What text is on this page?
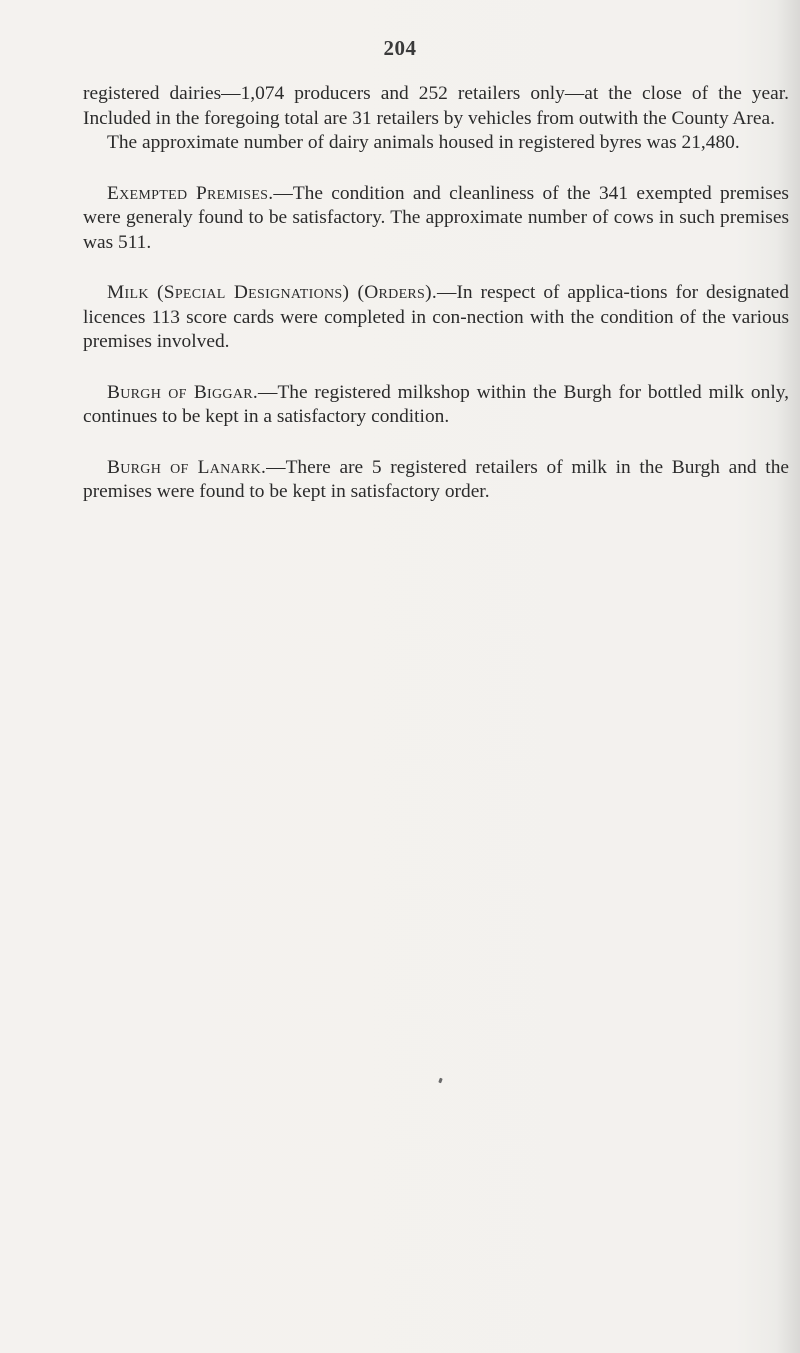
204

registered dairies—1,074 producers and 252 retailers only—at the close of the year. Included in the foregoing total are 31 retailers by vehicles from outwith the County Area.

The approximate number of dairy animals housed in registered byres was 21,480.

Exempted Premises.—The condition and cleanliness of the 341 exempted premises were generaly found to be satisfactory. The approximate number of cows in such premises was 511.

Milk (Special Designations) (Orders).—In respect of applica-tions for designated licences 113 score cards were completed in con-nection with the condition of the various premises involved.

Burgh of Biggar.—The registered milkshop within the Burgh for bottled milk only, continues to be kept in a satisfactory condition.

Burgh of Lanark.—There are 5 registered retailers of milk in the Burgh and the premises were found to be kept in satisfactory order.
